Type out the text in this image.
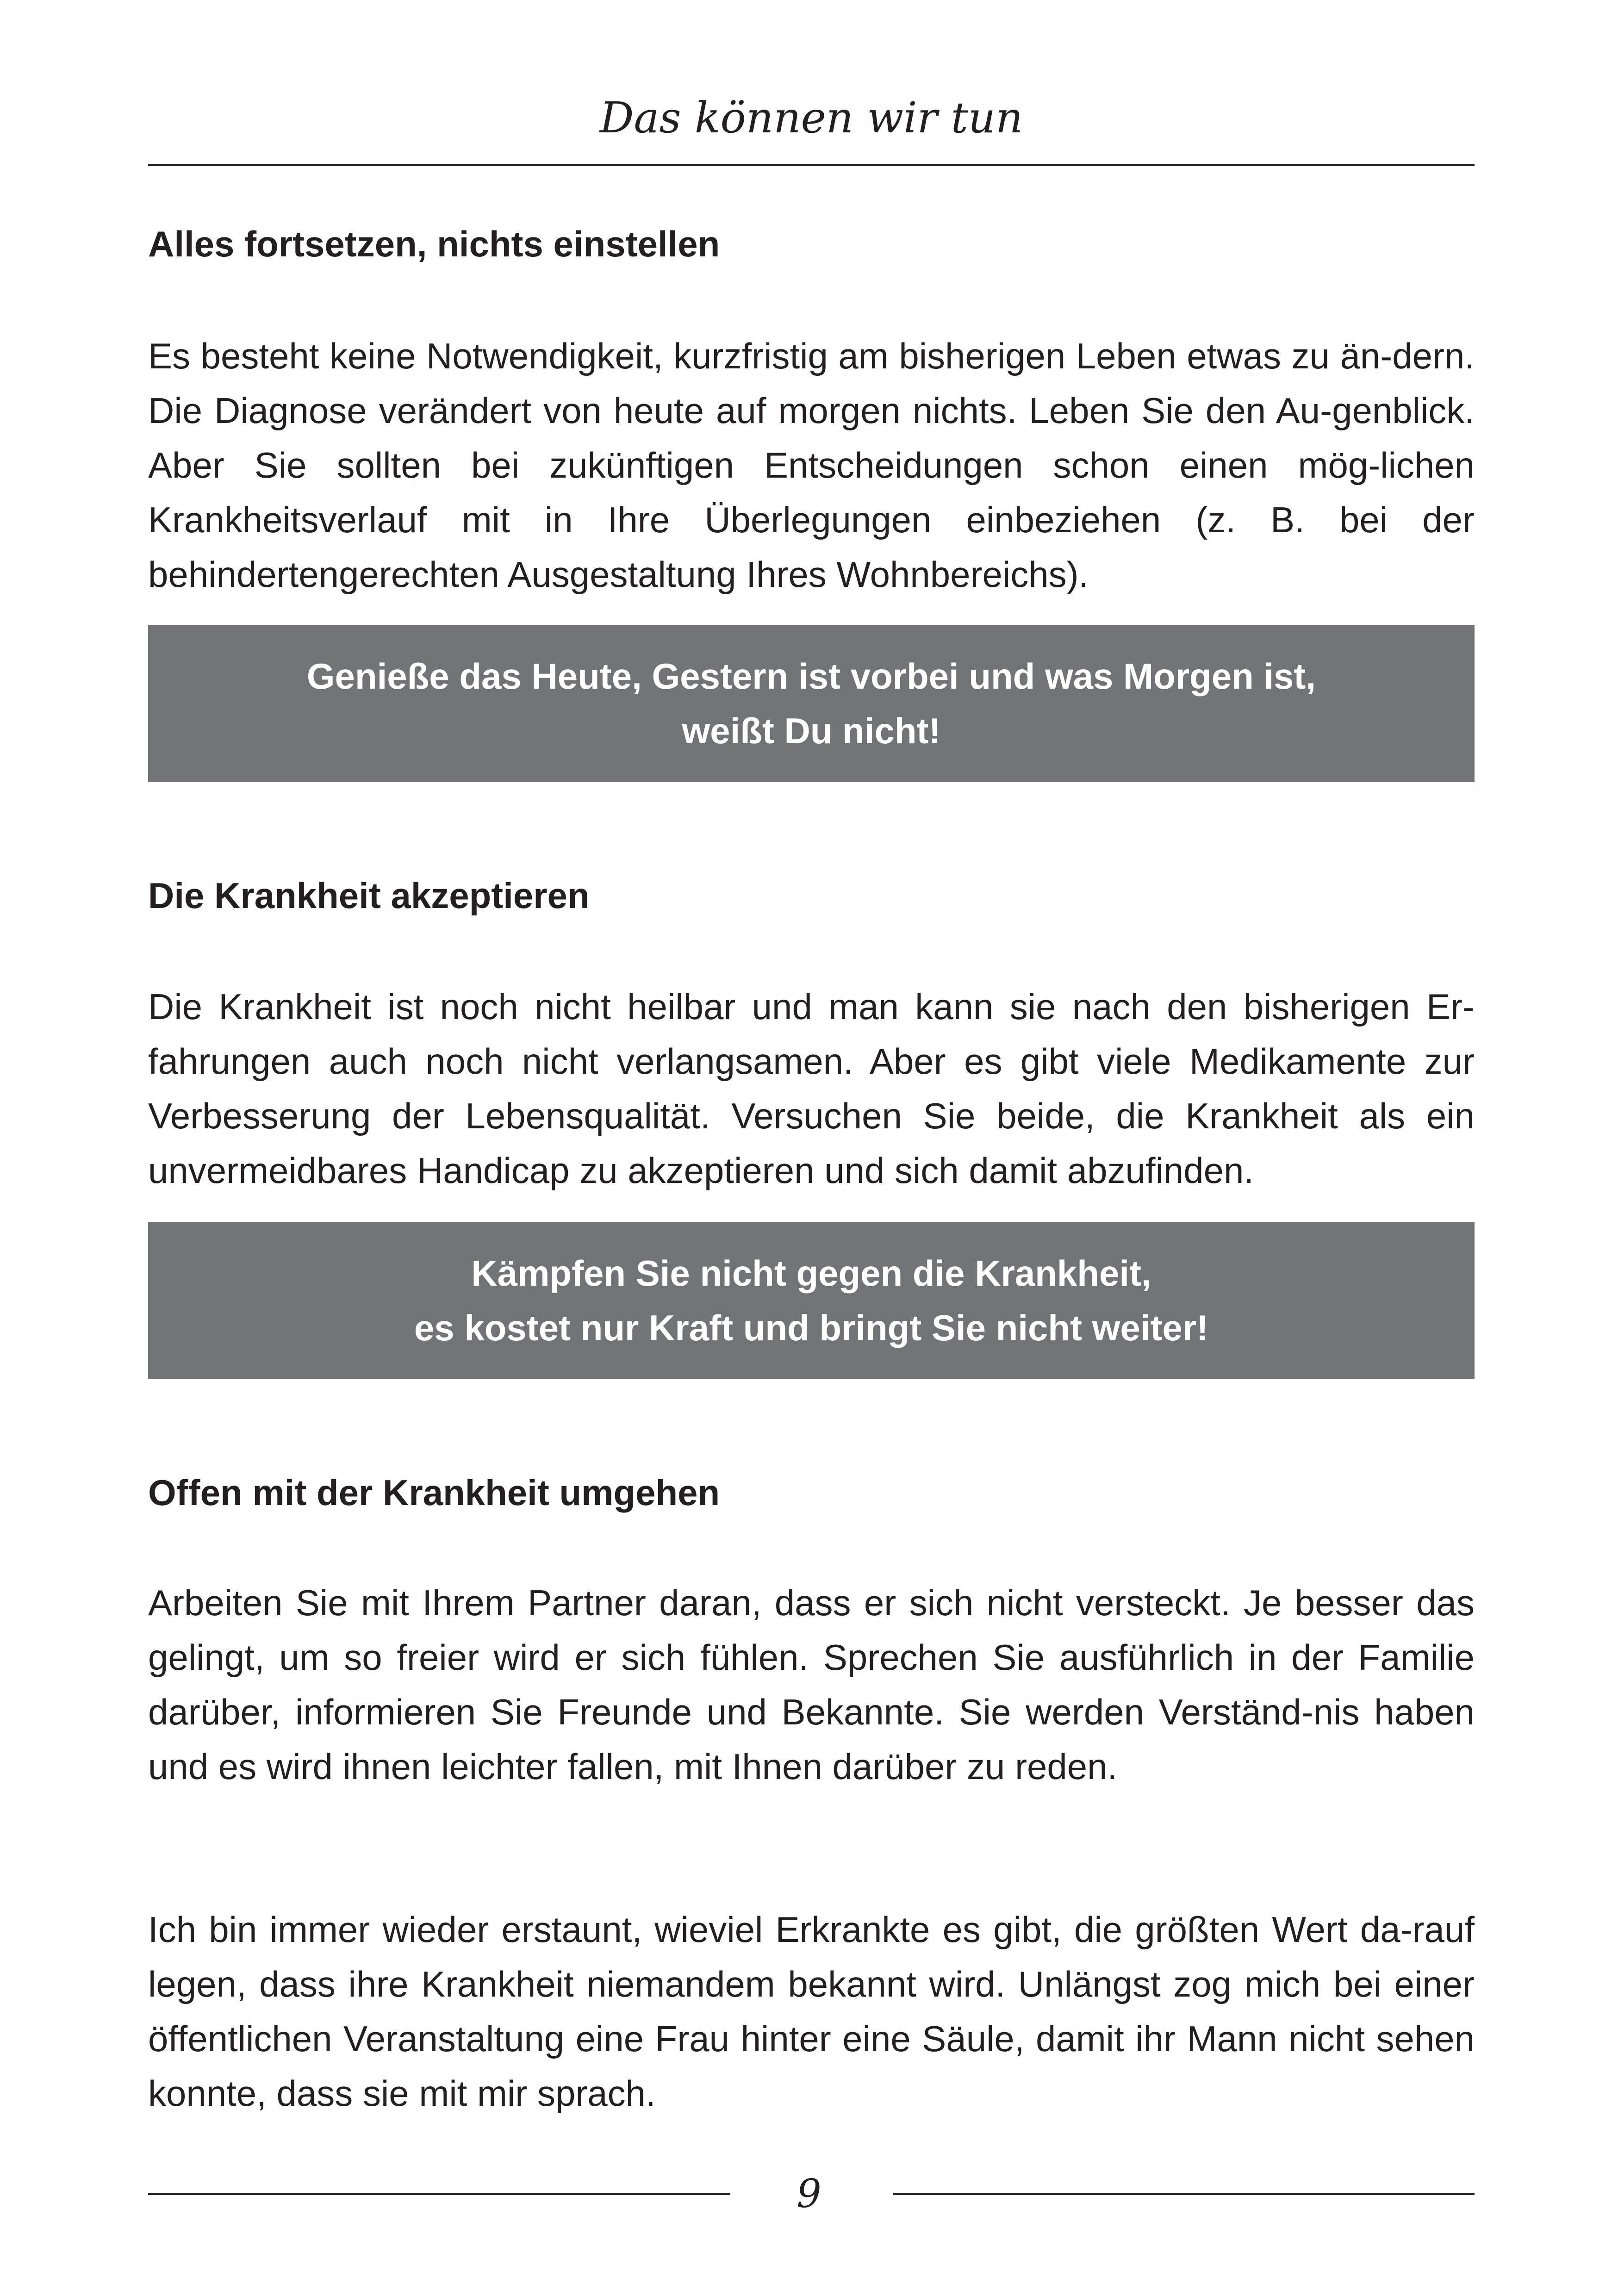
Das können wir tun
Alles fortsetzen, nichts einstellen

Es besteht keine Notwendigkeit, kurzfristig am bisherigen Leben etwas zu än-dern. Die Diagnose verändert von heute auf morgen nichts. Leben Sie den Au-genblick. Aber Sie sollten bei zukünftigen Entscheidungen schon einen mög-lichen Krankheitsverlauf mit in Ihre Überlegungen einbeziehen (z. B. bei der behindertengerechten Ausgestaltung Ihres Wohnbereichs).

Genieße das Heute, Gestern ist vorbei und was Morgen ist,
weißt Du nicht!
Die Krankheit akzeptieren

Die Krankheit ist noch nicht heilbar und man kann sie nach den bisherigen Er-fahrungen auch noch nicht verlangsamen. Aber es gibt viele Medikamente zur Verbesserung der Lebensqualität. Versuchen Sie beide, die Krankheit als ein unvermeidbares Handicap zu akzeptieren und sich damit abzufinden.

Kämpfen Sie nicht gegen die Krankheit,
es kostet nur Kraft und bringt Sie nicht weiter!
Offen mit der Krankheit umgehen

Arbeiten Sie mit Ihrem Partner daran, dass er sich nicht versteckt. Je besser das gelingt, um so freier wird er sich fühlen. Sprechen Sie ausführlich in der Familie darüber, informieren Sie Freunde und Bekannte. Sie werden Verständ-nis haben und es wird ihnen leichter fallen, mit Ihnen darüber zu reden.

Ich bin immer wieder erstaunt, wieviel Erkrankte es gibt, die größten Wert da-rauf legen, dass ihre Krankheit niemandem bekannt wird. Unlängst zog mich bei einer öffentlichen Veranstaltung eine Frau hinter eine Säule, damit ihr Mann nicht sehen konnte, dass sie mit mir sprach.

9
